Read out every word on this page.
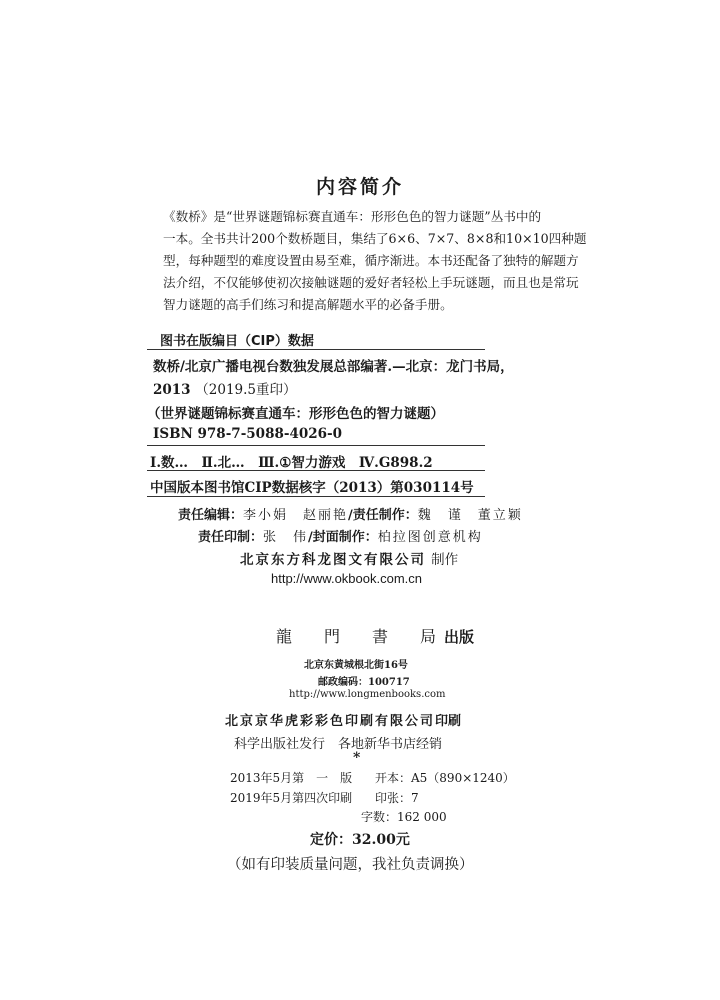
内容简介

《数桥》是“世界谜题锦标赛直通车：形形色色的智力谜题”丛书中的

一本。全书共计200个数桥题目，集结了6×6、7×7、8×8和10×10四种题

型，每种题型的难度设置由易至难，循序渐进。本书还配备了独特的解题方

法介绍，不仅能够使初次接触谜题的爱好者轻松上手玩谜题，而且也是常玩

智力谜题的高手们练习和提高解题水平的必备手册。

图书在版编目（CIP）数据
数桥/北京广播电视台数独发展总部编著.—北京：龙门书局，
2013 （2019.5重印）
（世界谜题锦标赛直通车：形形色色的智力谜题）
ISBN 978-7-5088-4026-0
Ⅰ.数…　Ⅱ.北…　Ⅲ.①智力游戏　Ⅳ.G898.2
中国版本图书馆CIP数据核字（2013）第030114号
责任编辑：李小娟　赵丽艳/责任制作：魏　谨　董立颖
责任印制：张　伟/封面制作：柏拉图创意机构
北京东方科龙图文有限公司 制作
http://www.okbook.com.cn
龍　門　書　局出版
北京东黄城根北街16号
邮政编码：100717
http://www.longmenbooks.com
北京京华虎彩彩色印刷有限公司印刷
科学出版社发行　各地新华书店经销
*
2013年5月第　一　版 开本：A5（890×1240）
2019年5月第四次印刷 印张：7
字数：162 000
定价：32.00元
（如有印装质量问题，我社负责调换）
